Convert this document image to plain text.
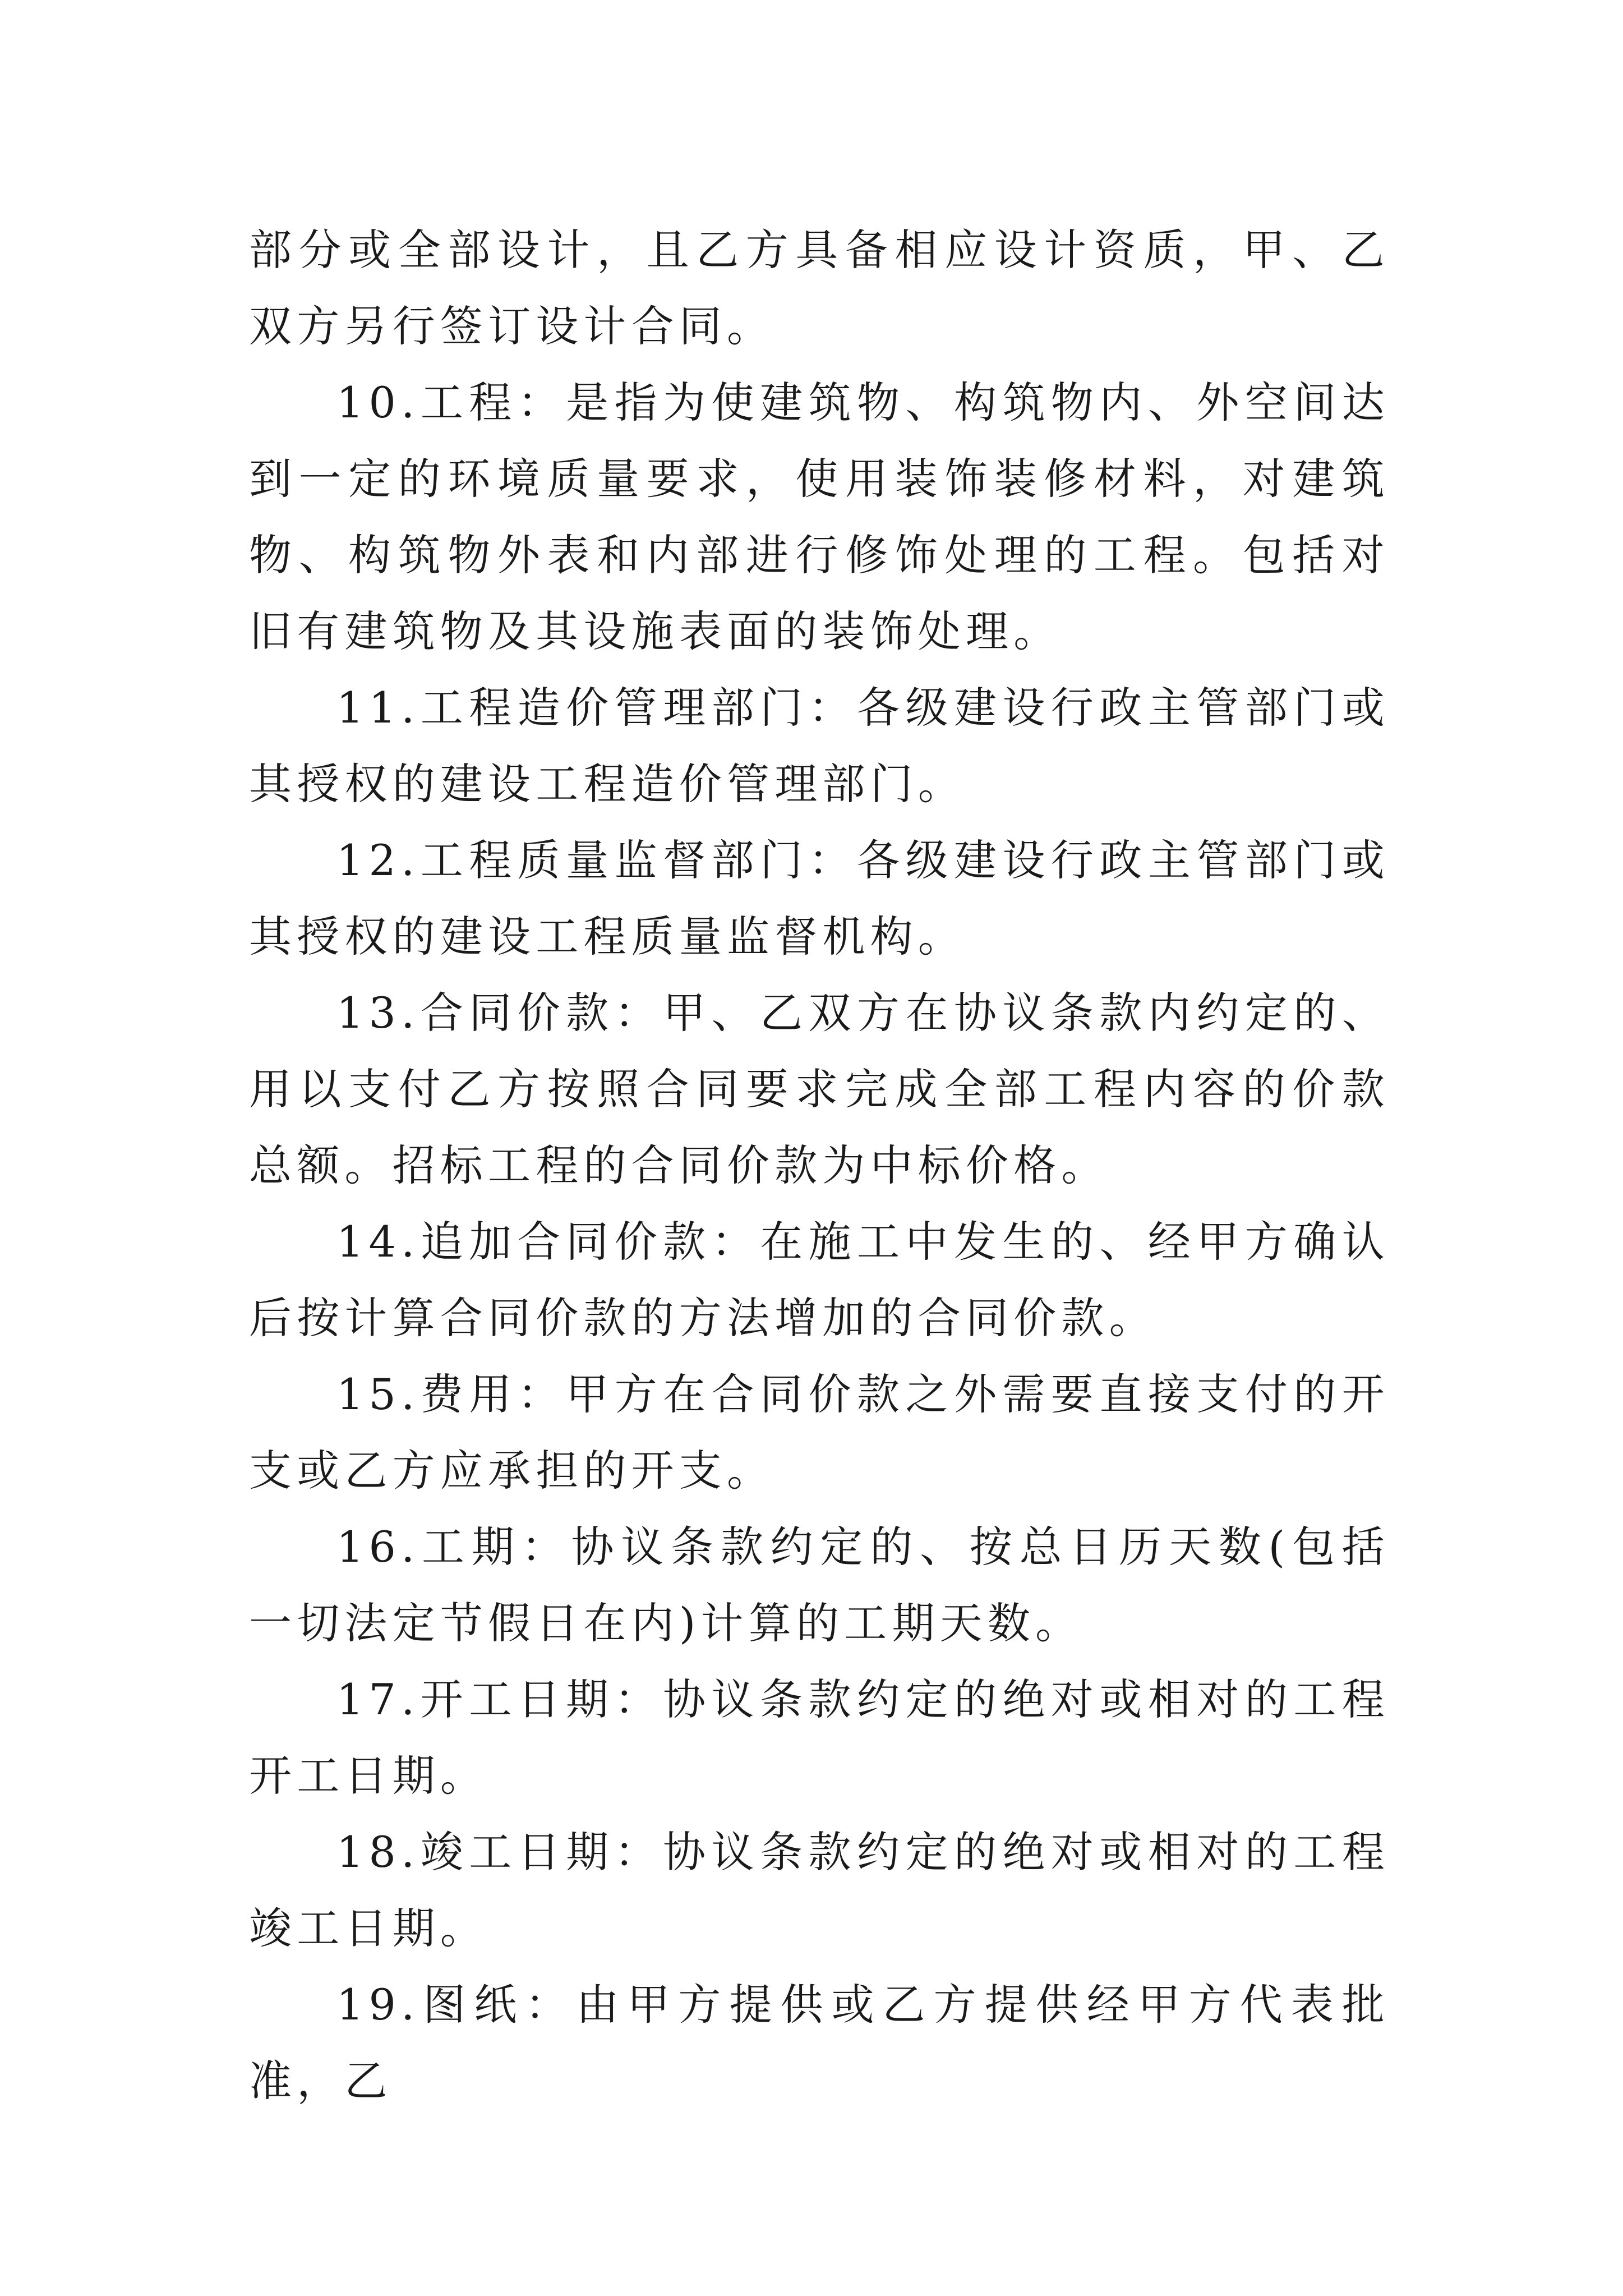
部分或全部设计，且乙方具备相应设计资质，甲、乙双方另行签订设计合同。

10.工程：是指为使建筑物、构筑物内、外空间达到一定的环境质量要求，使用装饰装修材料，对建筑物、构筑物外表和内部进行修饰处理的工程。包括对旧有建筑物及其设施表面的装饰处理。

11.工程造价管理部门：各级建设行政主管部门或其授权的建设工程造价管理部门。

12.工程质量监督部门：各级建设行政主管部门或其授权的建设工程质量监督机构。

13.合同价款：甲、乙双方在协议条款内约定的、用以支付乙方按照合同要求完成全部工程内容的价款总额。招标工程的合同价款为中标价格。

14.追加合同价款：在施工中发生的、经甲方确认后按计算合同价款的方法增加的合同价款。

15.费用：甲方在合同价款之外需要直接支付的开支或乙方应承担的开支。

16.工期：协议条款约定的、按总日历天数(包括一切法定节假日在内)计算的工期天数。

17.开工日期：协议条款约定的绝对或相对的工程开工日期。

18.竣工日期：协议条款约定的绝对或相对的工程竣工日期。

19.图纸：由甲方提供或乙方提供经甲方代表批准，乙
